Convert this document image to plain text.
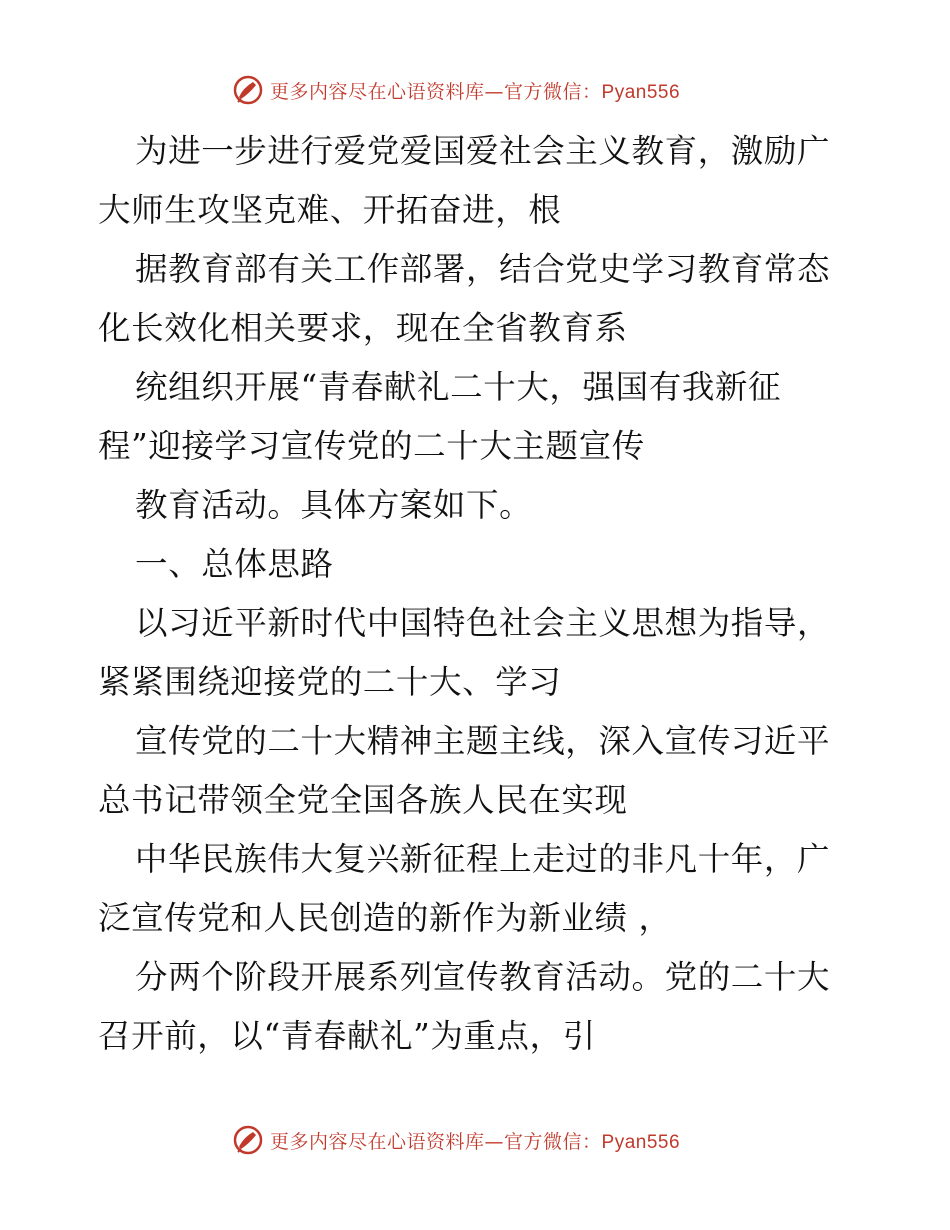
更多内容尽在心语资料库—官方微信：Pyan556
为进一步进行爱党爱国爱社会主义教育，激励广
大师生攻坚克难、开拓奋进，根
据教育部有关工作部署，结合党史学习教育常态
化长效化相关要求，现在全省教育系
统组织开展“青春献礼二十大，强国有我新征
程”迎接学习宣传党的二十大主题宣传
教育活动。具体方案如下。
一、总体思路
以习近平新时代中国特色社会主义思想为指导，
紧紧围绕迎接党的二十大、学习
宣传党的二十大精神主题主线，深入宣传习近平
总书记带领全党全国各族人民在实现
中华民族伟大复兴新征程上走过的非凡十年，广
泛宣传党和人民创造的新作为新业绩 ，
分两个阶段开展系列宣传教育活动。党的二十大
召开前，以“青春献礼”为重点，引
更多内容尽在心语资料库—官方微信：Pyan556
